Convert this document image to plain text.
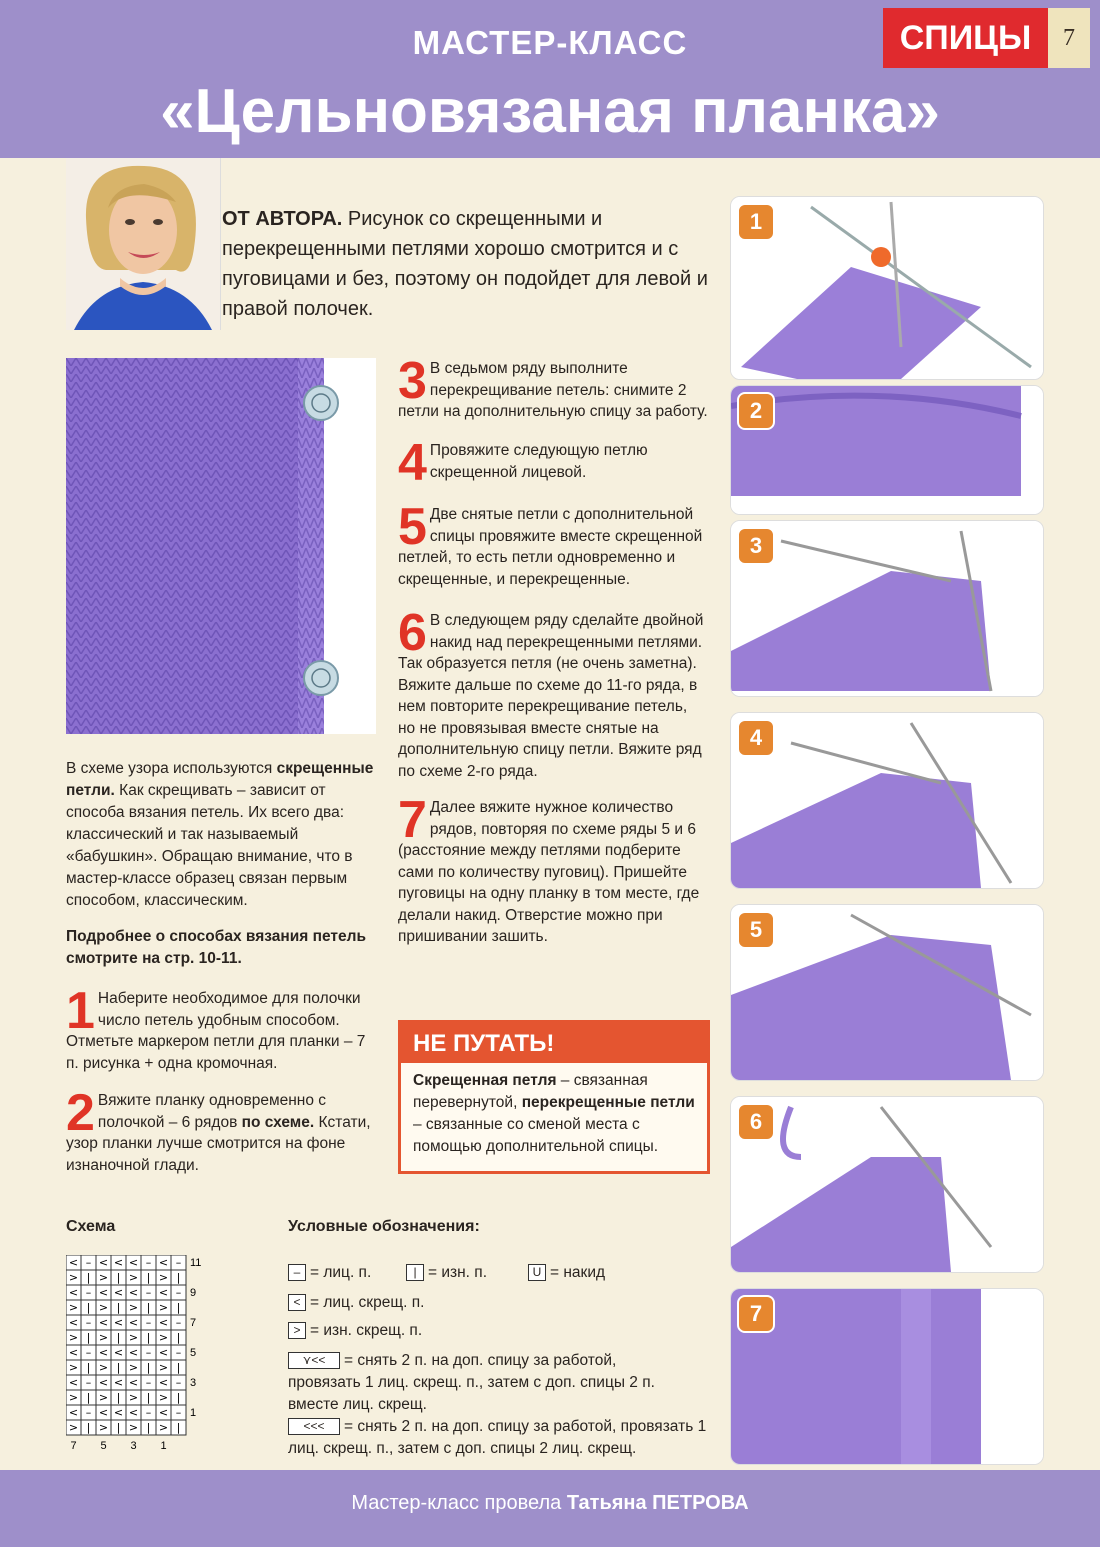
МАСТЕР-КЛАСС
«Цельновязаная планка»
СПИЦЫ	7
ОТ АВТОРА. Рисунок со скрещенными и перекрещенными петлями хорошо смотрится и с пуговицами и без, поэтому он подойдет для левой и правой полочек.
В схеме узора используются скрещенные петли. Как скрещивать – зависит от способа вязания петель. Их всего два: классический и так называемый «бабушкин». Обращаю внимание, что в мастер-классе образец связан первым способом, классическим.
Подробнее о способах вязания петель смотрите на стр. 10-11.
1 Наберите необходимое для полочки число петель удобным способом. Отметьте маркером петли для планки – 7 п. рисунка + одна кромочная.
2 Вяжите планку одновременно с полочкой – 6 рядов по схеме. Кстати, узор планки лучше смотрится на фоне изнаночной глади.
3 В седьмом ряду выполните перекрещивание петель: снимите 2 петли на дополнительную спицу за работу.
4 Провяжите следующую петлю скрещенной лицевой.
5 Две снятые петли с дополнительной спицы провяжите вместе скрещенной петлей, то есть петли одновременно и скрещенные, и перекрещенные.
6 В следующем ряду сделайте двойной накид над перекрещенными петлями. Так образуется петля (не очень заметна). Вяжите дальше по схеме до 11-го ряда, в нем повторите перекрещивание петель, но не провязывая вместе снятые на дополнительную спицу петли. Вяжите ряд по схеме 2-го ряда.
7 Далее вяжите нужное количество рядов, повторяя по схеме ряды 5 и 6 (расстояние между петлями подберите сами по количеству пуговиц). Пришейте пуговицы на одну планку в том месте, где делали накид. Отверстие можно при пришивании зашить.
НЕ ПУТАТЬ!
Скрещенная петля – связанная перевернутой, перекрещенные петли – связанные со сменой места с помощью дополнительной спицы.
1
2
3
4
5
6
7
Схема
< – < < < – < –
> | > | > | > |
< – < < < – < –
> | > | > | > |
< – < < < – < –
> | > | > | > |
< – < < < – < –
> | > | > | > |
< – < < < – < –
> | > | > | > |
< – < < < – < –
> | > | > | > |
11
9
7
5
3
1
7 5 3 1
Условные обозначения:
– = лиц. п.	| = изн. п.	U = накид
< = лиц. скрещ. п.
> = изн. скрещ. п.
⋎<< = снять 2 п. на доп. спицу за работой, провязать 1 лиц. скрещ. п., затем с доп. спицы 2 п. вместе лиц. скрещ.
<<< = снять 2 п. на доп. спицу за работой, провязать 1 лиц. скрещ. п., затем с доп. спицы 2 лиц. скрещ.
Мастер-класс провела Татьяна ПЕТРОВА
